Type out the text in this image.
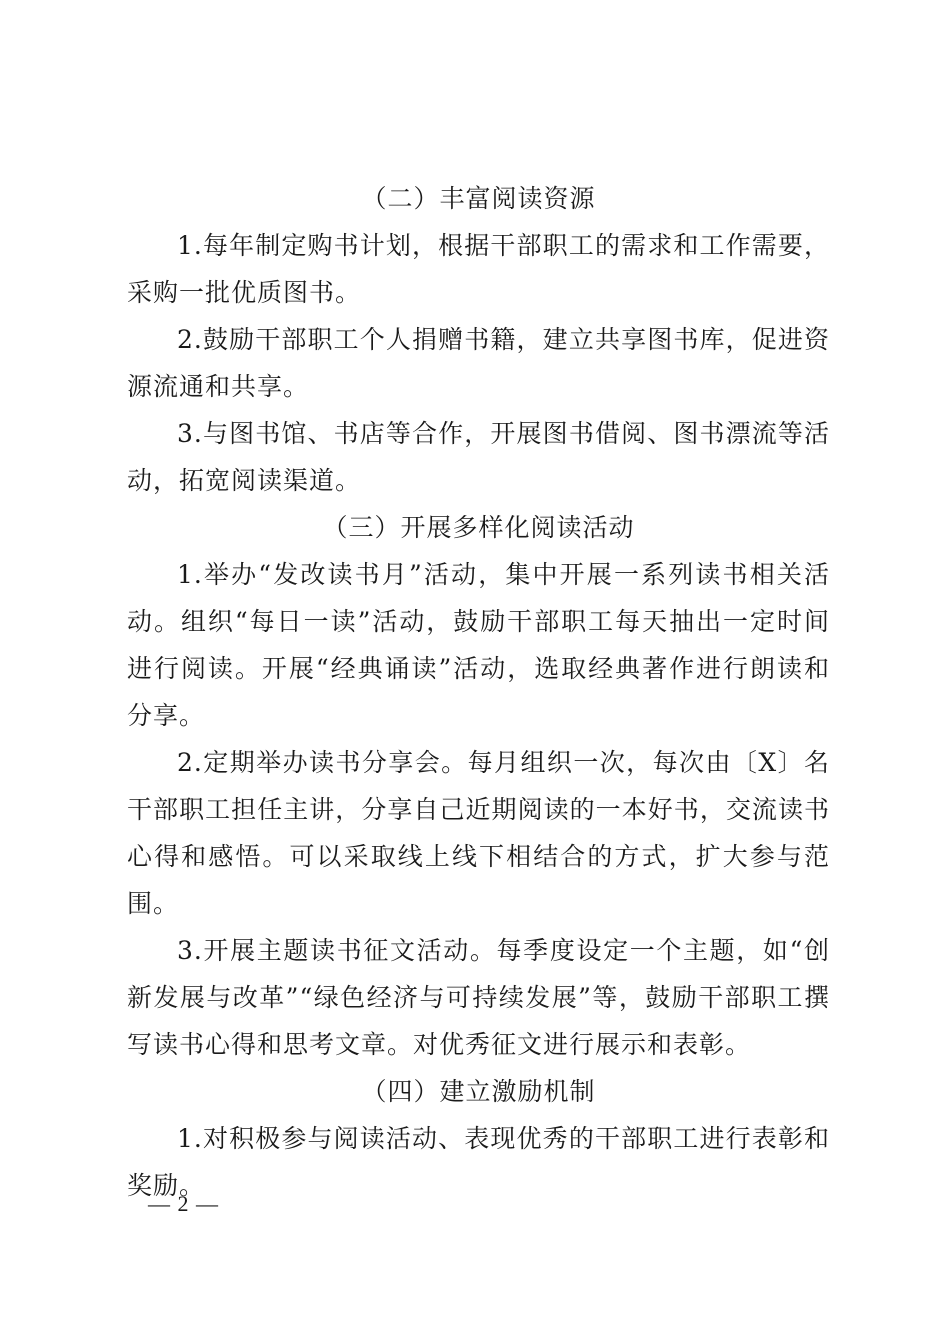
（二）丰富阅读资源

1.每年制定购书计划，根据干部职工的需求和工作需要，采购一批优质图书。

2.鼓励干部职工个人捐赠书籍，建立共享图书库，促进资源流通和共享。

3.与图书馆、书店等合作，开展图书借阅、图书漂流等活动，拓宽阅读渠道。

（三）开展多样化阅读活动

1.举办“发改读书月”活动，集中开展一系列读书相关活动。组织“每日一读”活动，鼓励干部职工每天抽出一定时间进行阅读。开展“经典诵读”活动，选取经典著作进行朗读和分享。

2.定期举办读书分享会。每月组织一次，每次由〔X〕名干部职工担任主讲，分享自己近期阅读的一本好书，交流读书心得和感悟。可以采取线上线下相结合的方式，扩大参与范围。

3.开展主题读书征文活动。每季度设定一个主题，如“创新发展与改革”“绿色经济与可持续发展”等，鼓励干部职工撰写读书心得和思考文章。对优秀征文进行展示和表彰。

（四）建立激励机制

1.对积极参与阅读活动、表现优秀的干部职工进行表彰和奖励。

— 2 —
